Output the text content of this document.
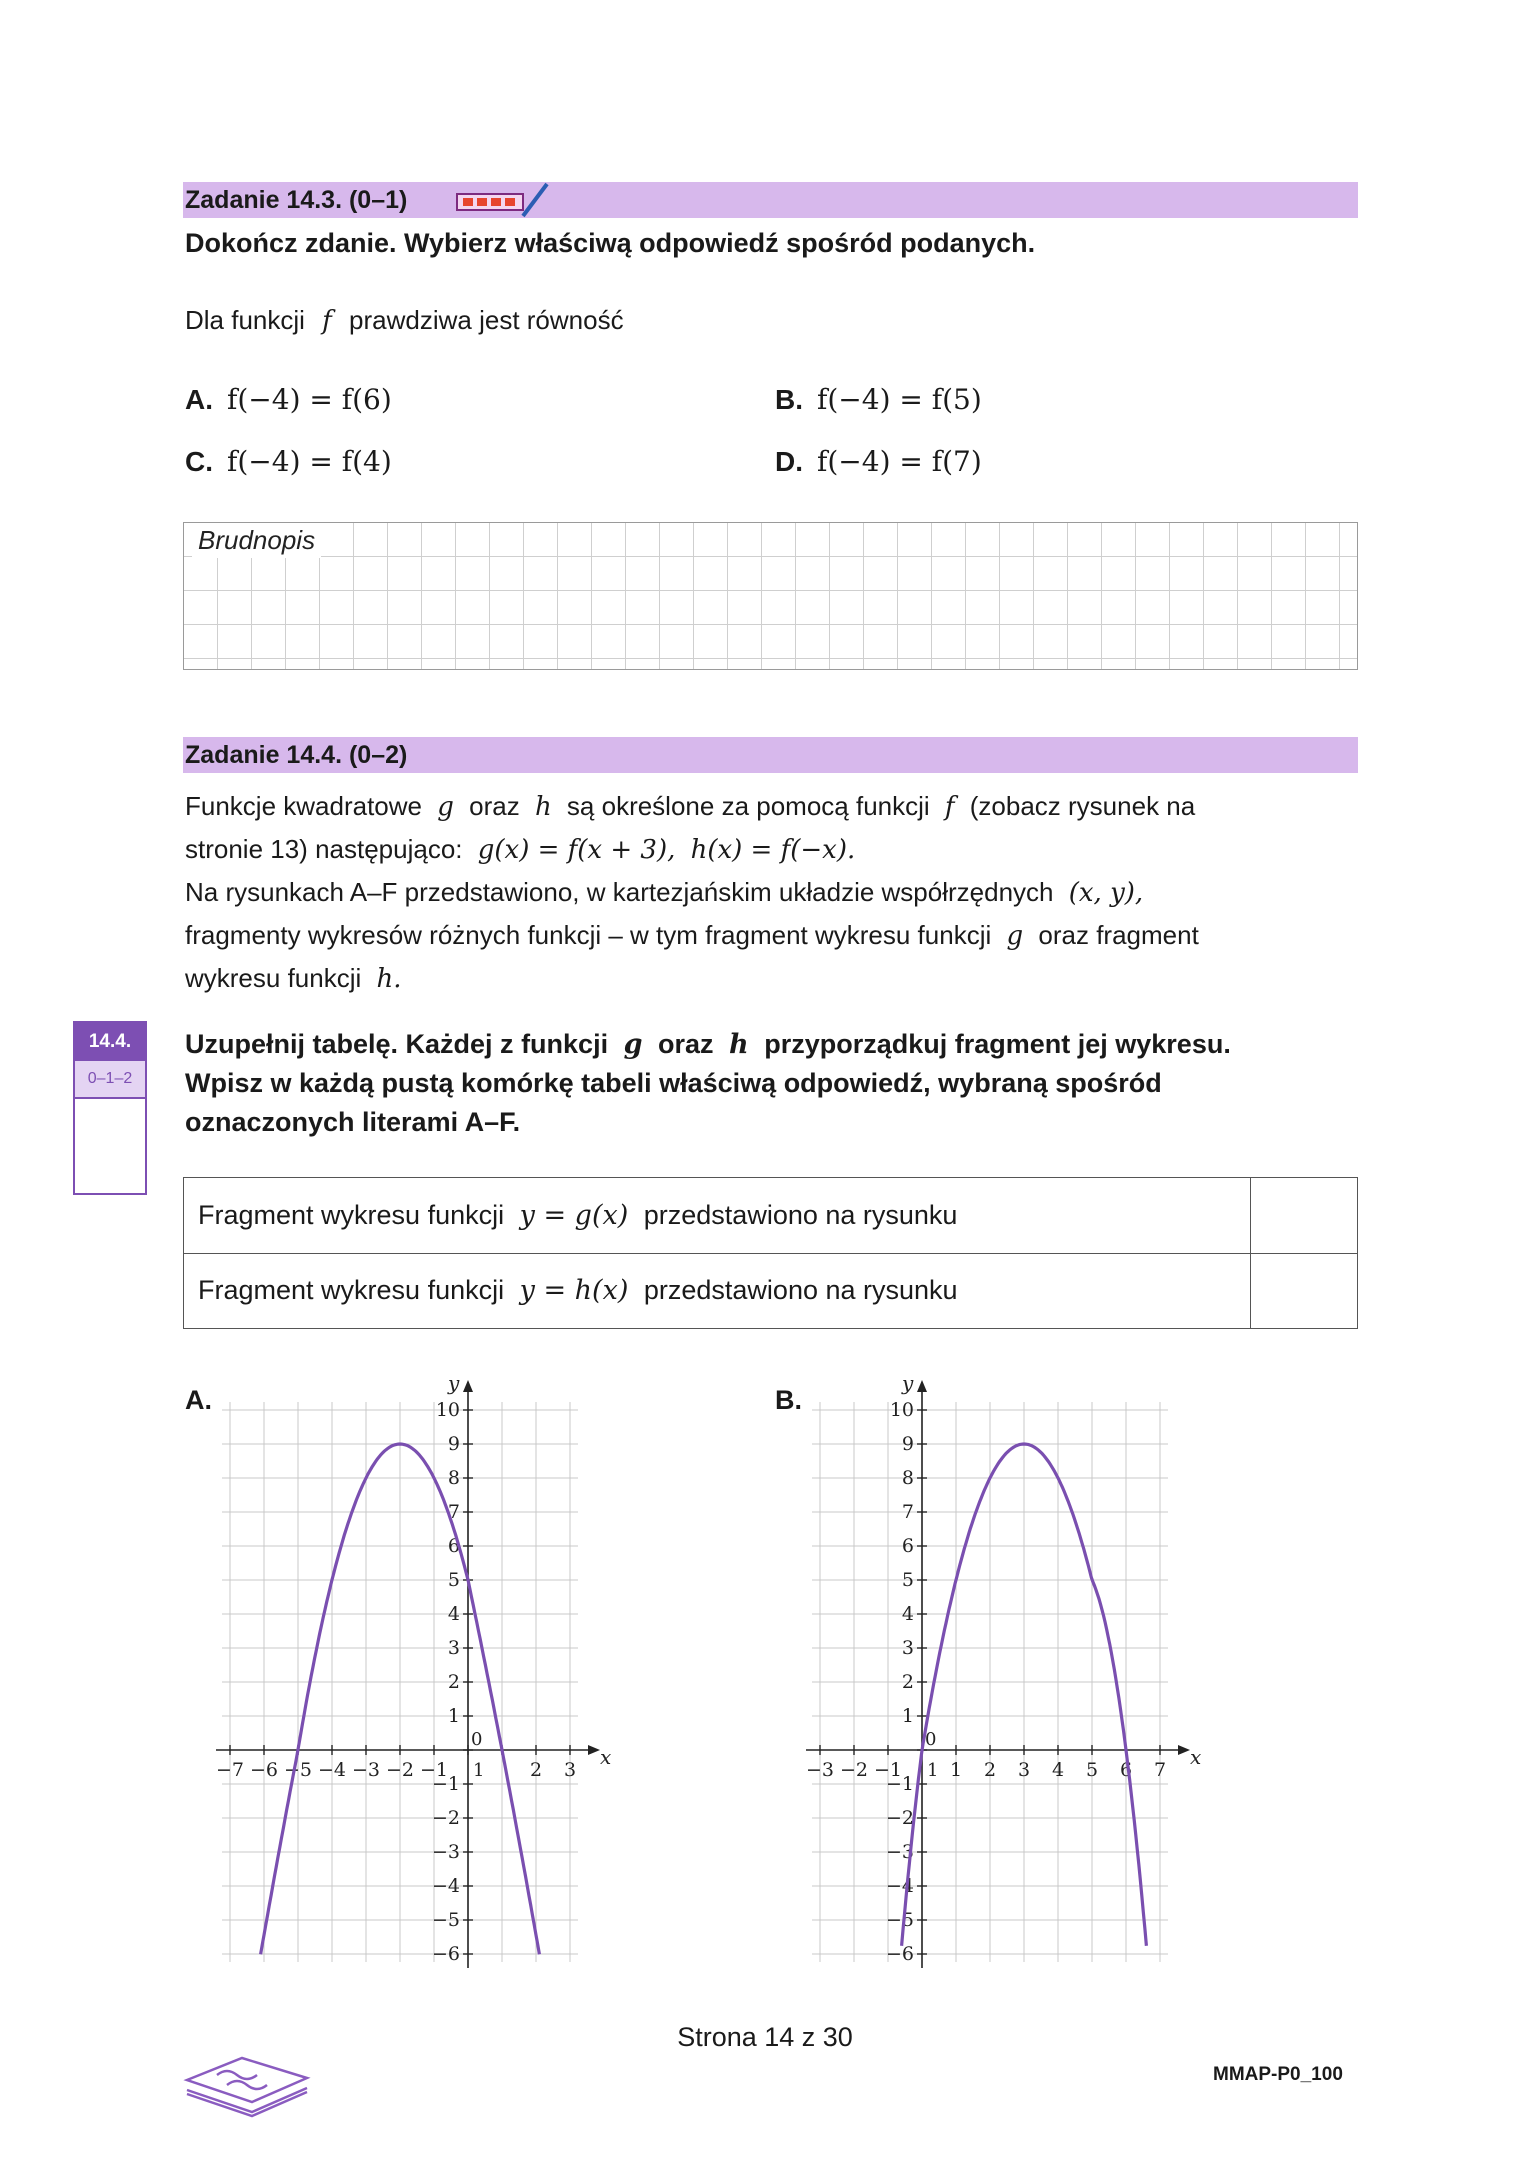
Zadanie 14.3. (0–1)
Dokończ zdanie. Wybierz właściwą odpowiedź spośród podanych.
Dla funkcji f prawdziwa jest równość
A. f(−4) = f(6)	B. f(−4) = f(5)
C. f(−4) = f(4)	D. f(−4) = f(7)
Brudnopis
Zadanie 14.4. (0–2)
Funkcje kwadratowe g oraz h są określone za pomocą funkcji f (zobacz rysunek na
stronie 13) następująco: g(x) = f(x + 3), h(x) = f(−x).
Na rysunkach A–F przedstawiono, w kartezjańskim układzie współrzędnych (x, y),
fragmenty wykresów różnych funkcji – w tym fragment wykresu funkcji g oraz fragment
wykresu funkcji h.
14.4.
0–1–2
Uzupełnij tabelę. Każdej z funkcji g oraz h przyporządkuj fragment jej wykresu.
Wpisz w każdą pustą komórkę tabeli właściwą odpowiedź, wybraną spośród
oznaczonych literami A–F.
Fragment wykresu funkcji y = g(x) przedstawiono na rysunku	
Fragment wykresu funkcji y = h(x) przedstawiono na rysunku	
A.
x
y
−7 −6 −5 −4 −3 −2 −1	2 3
10
9
8
7
6
5
4
3
2
1
−1
−2
−3
−4
−5
−6
0
1
B.
x
y
−3 −2 −1	1 2 3 4 5 6 7
10
9
8
7
6
5
4
3
2
1
−1
−2
−3
−4
−5
−6
0
1
Strona 14 z 30
MMAP-P0_100
